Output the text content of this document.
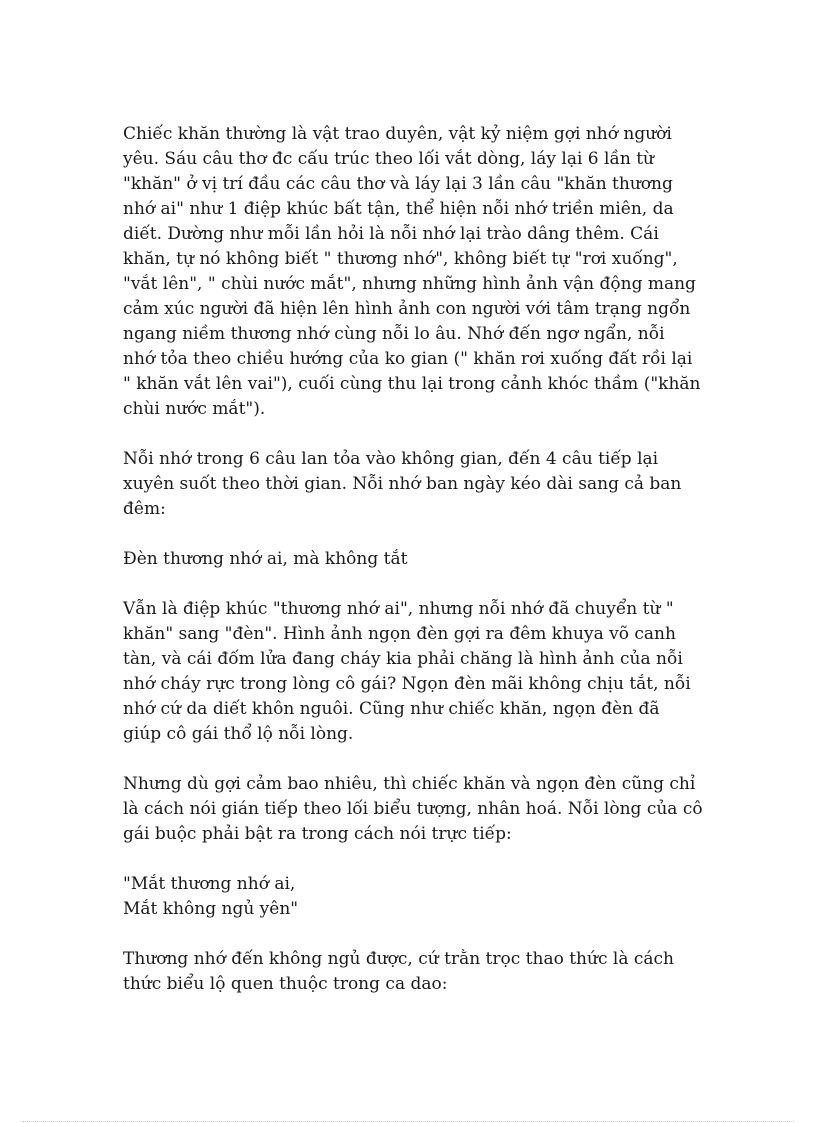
Chiếc khăn thường là vật trao duyên, vật kỷ niệm gợi nhớ người
yêu. Sáu câu thơ đc cấu trúc theo lối vắt dòng, láy lại 6 lần từ
"khăn" ở vị trí đầu các câu thơ và láy lại 3 lần câu "khăn thương
nhớ ai" như 1 điệp khúc bất tận, thể hiện nỗi nhớ triền miên, da
diết. Dường như mỗi lần hỏi là nỗi nhớ lại trào dâng thêm. Cái
khăn, tự nó không biết " thương nhớ", không biết tự "rơi xuống",
"vắt lên", " chùi nước mắt", nhưng những hình ảnh vận động mang
cảm xúc người đã hiện lên hình ảnh con người với tâm trạng ngổn
ngang niềm thương nhớ cùng nỗi lo âu. Nhớ đến ngơ ngẩn, nỗi
nhớ tỏa theo chiều hướng của ko gian (" khăn rơi xuống đất rồi lại
" khăn vắt lên vai"), cuối cùng thu lại trong cảnh khóc thầm ("khăn
chùi nước mắt").

Nỗi nhớ trong 6 câu lan tỏa vào không gian, đến 4 câu tiếp lại
xuyên suốt theo thời gian. Nỗi nhớ ban ngày kéo dài sang cả ban
đêm:

Đèn thương nhớ ai, mà không tắt

Vẫn là điệp khúc "thương nhớ ai", nhưng nỗi nhớ đã chuyển từ "
khăn" sang "đèn". Hình ảnh ngọn đèn gợi ra đêm khuya võ canh
tàn, và cái đốm lửa đang cháy kia phải chăng là hình ảnh của nỗi
nhớ cháy rực trong lòng cô gái? Ngọn đèn mãi không chịu tắt, nỗi
nhớ cứ da diết khôn nguôi. Cũng như chiếc khăn, ngọn đèn đã
giúp cô gái thổ lộ nỗi lòng.

Nhưng dù gợi cảm bao nhiêu, thì chiếc khăn và ngọn đèn cũng chỉ
là cách nói gián tiếp theo lối biểu tượng, nhân hoá. Nỗi lòng của cô
gái buộc phải bật ra trong cách nói trực tiếp:

"Mắt thương nhớ ai,
Mắt không ngủ yên"

Thương nhớ đến không ngủ được, cứ trằn trọc thao thức là cách
thức biểu lộ quen thuộc trong ca dao:
